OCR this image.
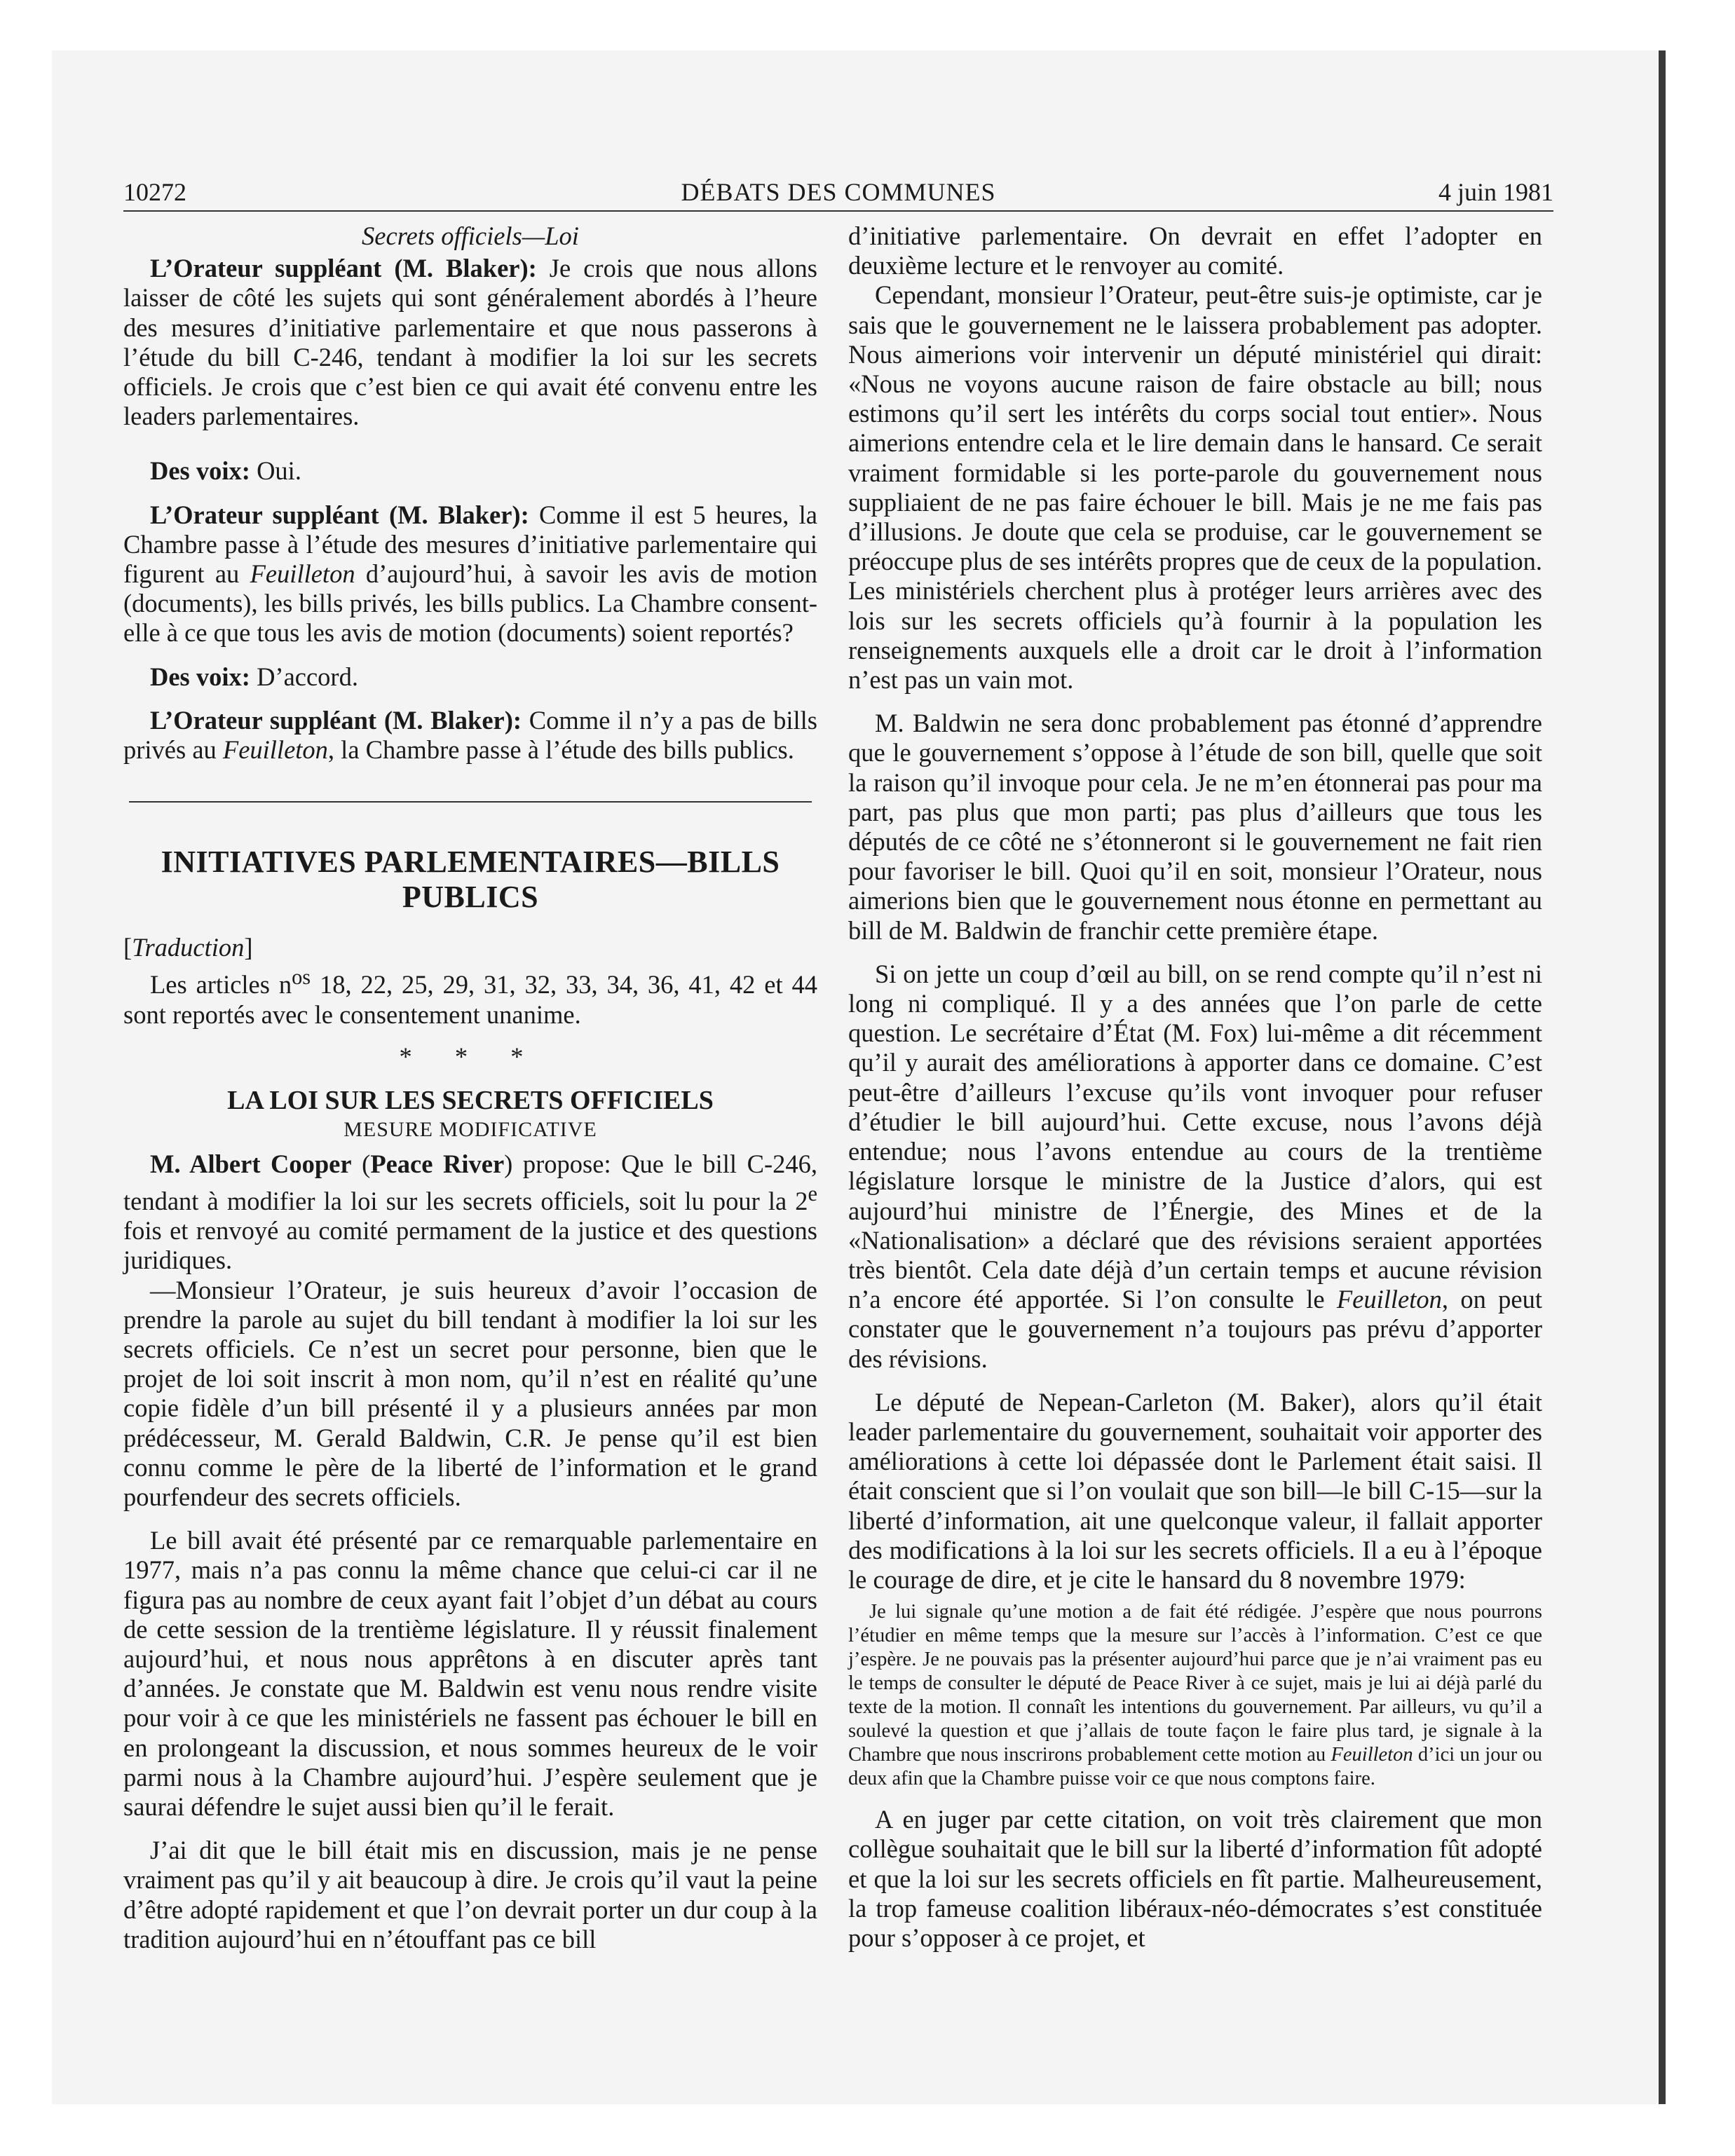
10272	DÉBATS DES COMMUNES	4 juin 1981

Secrets officiels—Loi

L’Orateur suppléant (M. Blaker): Je crois que nous allons laisser de côté les sujets qui sont généralement abordés à l’heure des mesures d’initiative parlementaire et que nous passerons à l’étude du bill C-246, tendant à modifier la loi sur les secrets officiels. Je crois que c’est bien ce qui avait été convenu entre les leaders parlementaires.

Des voix: Oui.

L’Orateur suppléant (M. Blaker): Comme il est 5 heures, la Chambre passe à l’étude des mesures d’initiative parlementaire qui figurent au Feuilleton d’aujourd’hui, à savoir les avis de motion (documents), les bills privés, les bills publics. La Chambre consent-elle à ce que tous les avis de motion (documents) soient reportés?

Des voix: D’accord.

L’Orateur suppléant (M. Blaker): Comme il n’y a pas de bills privés au Feuilleton, la Chambre passe à l’étude des bills publics.

INITIATIVES PARLEMENTAIRES—BILLS PUBLICS

[Traduction]

Les articles $n^{os}$ 18, 22, 25, 29, 31, 32, 33, 34, 36, 41, 42 et 44 sont reportés avec le consentement unanime.

* * *

LA LOI SUR LES SECRETS OFFICIELS

MESURE MODIFICATIVE

M. Albert Cooper (Peace River) propose: Que le bill C-246, tendant à modifier la loi sur les secrets officiels, soit lu pour la 2e fois et renvoyé au comité permament de la justice et des questions juridiques.

—Monsieur l’Orateur, je suis heureux d’avoir l’occasion de prendre la parole au sujet du bill tendant à modifier la loi sur les secrets officiels. Ce n’est un secret pour personne, bien que le projet de loi soit inscrit à mon nom, qu’il n’est en réalité qu’une copie fidèle d’un bill présenté il y a plusieurs années par mon prédécesseur, M. Gerald Baldwin, C.R. Je pense qu’il est bien connu comme le père de la liberté de l’information et le grand pourfendeur des secrets officiels.

Le bill avait été présenté par ce remarquable parlementaire en 1977, mais n’a pas connu la même chance que celui-ci car il ne figura pas au nombre de ceux ayant fait l’objet d’un débat au cours de cette session de la trentième législature. Il y réussit finalement aujourd’hui, et nous nous apprêtons à en discuter après tant d’années. Je constate que M. Baldwin est venu nous rendre visite pour voir à ce que les ministériels ne fassent pas échouer le bill en en prolongeant la discussion, et nous sommes heureux de le voir parmi nous à la Chambre aujourd’hui. J’espère seulement que je saurai défendre le sujet aussi bien qu’il le ferait.

J’ai dit que le bill était mis en discussion, mais je ne pense vraiment pas qu’il y ait beaucoup à dire. Je crois qu’il vaut la peine d’être adopté rapidement et que l’on devrait porter un dur coup à la tradition aujourd’hui en n’étouffant pas ce bill

d’initiative parlementaire. On devrait en effet l’adopter en deuxième lecture et le renvoyer au comité.

Cependant, monsieur l’Orateur, peut-être suis-je optimiste, car je sais que le gouvernement ne le laissera probablement pas adopter. Nous aimerions voir intervenir un député ministériel qui dirait: «Nous ne voyons aucune raison de faire obstacle au bill; nous estimons qu’il sert les intérêts du corps social tout entier». Nous aimerions entendre cela et le lire demain dans le hansard. Ce serait vraiment formidable si les porte-parole du gouvernement nous suppliaient de ne pas faire échouer le bill. Mais je ne me fais pas d’illusions. Je doute que cela se produise, car le gouvernement se préoccupe plus de ses intérêts propres que de ceux de la population. Les ministériels cherchent plus à protéger leurs arrières avec des lois sur les secrets officiels qu’à fournir à la population les renseignements auxquels elle a droit car le droit à l’information n’est pas un vain mot.

M. Baldwin ne sera donc probablement pas étonné d’apprendre que le gouvernement s’oppose à l’étude de son bill, quelle que soit la raison qu’il invoque pour cela. Je ne m’en étonnerai pas pour ma part, pas plus que mon parti; pas plus d’ailleurs que tous les députés de ce côté ne s’étonneront si le gouvernement ne fait rien pour favoriser le bill. Quoi qu’il en soit, monsieur l’Orateur, nous aimerions bien que le gouvernement nous étonne en permettant au bill de M. Baldwin de franchir cette première étape.

Si on jette un coup d’œil au bill, on se rend compte qu’il n’est ni long ni compliqué. Il y a des années que l’on parle de cette question. Le secrétaire d’État (M. Fox) lui-même a dit récemment qu’il y aurait des améliorations à apporter dans ce domaine. C’est peut-être d’ailleurs l’excuse qu’ils vont invoquer pour refuser d’étudier le bill aujourd’hui. Cette excuse, nous l’avons déjà entendue; nous l’avons entendue au cours de la trentième législature lorsque le ministre de la Justice d’alors, qui est aujourd’hui ministre de l’Énergie, des Mines et de la «Nationalisation» a déclaré que des révisions seraient apportées très bientôt. Cela date déjà d’un certain temps et aucune révision n’a encore été apportée. Si l’on consulte le Feuilleton, on peut constater que le gouvernement n’a toujours pas prévu d’apporter des révisions.

Le député de Nepean-Carleton (M. Baker), alors qu’il était leader parlementaire du gouvernement, souhaitait voir apporter des améliorations à cette loi dépassée dont le Parlement était saisi. Il était conscient que si l’on voulait que son bill—le bill C-15—sur la liberté d’information, ait une quelconque valeur, il fallait apporter des modifications à la loi sur les secrets officiels. Il a eu à l’époque le courage de dire, et je cite le hansard du 8 novembre 1979:

Je lui signale qu’une motion a de fait été rédigée. J’espère que nous pourrons l’étudier en même temps que la mesure sur l’accès à l’information. C’est ce que j’espère. Je ne pouvais pas la présenter aujourd’hui parce que je n’ai vraiment pas eu le temps de consulter le député de Peace River à ce sujet, mais je lui ai déjà parlé du texte de la motion. Il connaît les intentions du gouvernement. Par ailleurs, vu qu’il a soulevé la question et que j’allais de toute façon le faire plus tard, je signale à la Chambre que nous inscrirons probablement cette motion au Feuilleton d’ici un jour ou deux afin que la Chambre puisse voir ce que nous comptons faire.

A en juger par cette citation, on voit très clairement que mon collègue souhaitait que le bill sur la liberté d’information fût adopté et que la loi sur les secrets officiels en fît partie. Malheureusement, la trop fameuse coalition libéraux-néo-démocrates s’est constituée pour s’opposer à ce projet, et
